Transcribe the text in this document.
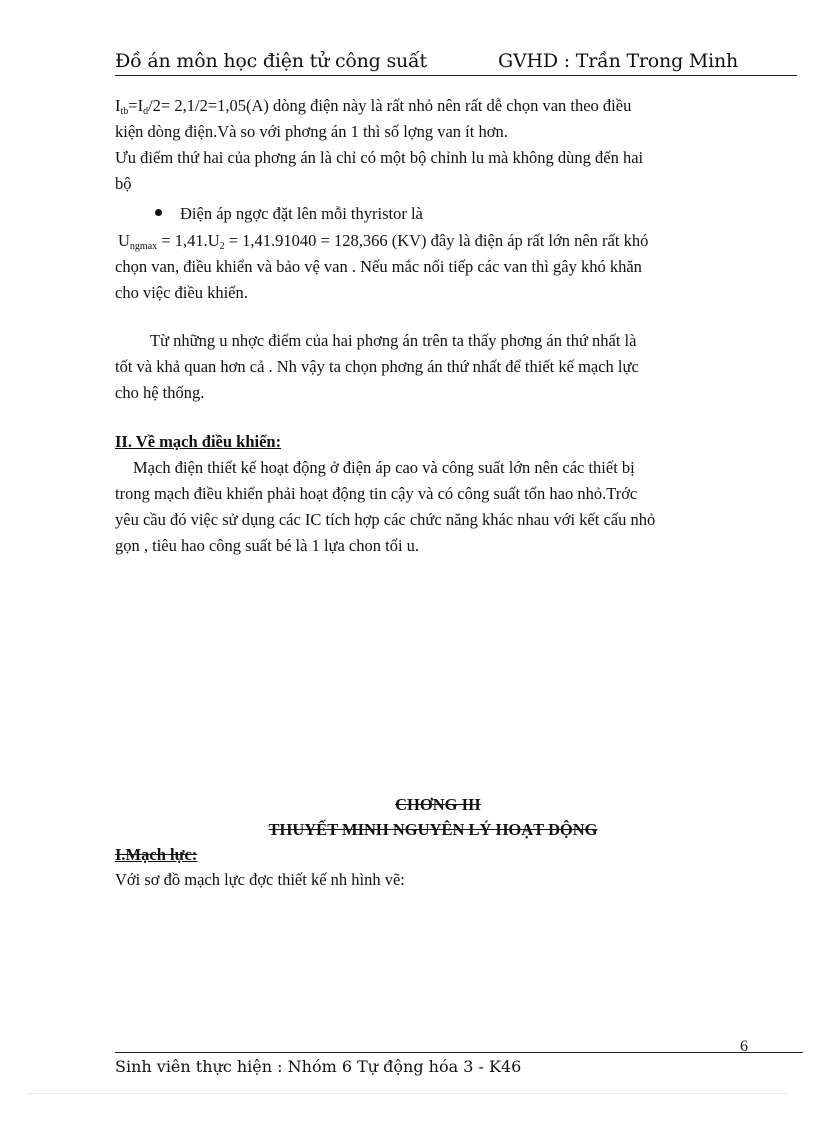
Đồ án môn học điện tử công suất	GVHD : Trần Trong Minh
$I_{tb}=I_d/2= 2,1/2=1,05(A)$ dòng điện này là rất nhỏ nên rất dễ chọn van theo điều
kiện dòng điện.Và so với phơng án 1 thì số lợng van ít hơn.
Ưu điểm thứ hai của phơng án là chỉ có một bộ chỉnh lu mà không dùng đến hai
bộ
Điện áp ngợc đặt lên mỗi thyristor là
$U_{ngmax} = 1,41.U_2 = 1,41.91040 = 128,366$ (KV) đây là điện áp rất lớn nên rất khó
chọn van, điều khiển và bảo vệ van . Nếu mắc nối tiếp các van thì gây khó khăn
cho việc điều khiển.
Từ những u nhợc điểm của hai phơng án trên ta thấy phơng án thứ nhất là
tốt và khả quan hơn cả . Nh vậy ta chọn phơng án thứ nhất để thiết kế mạch lực
cho hệ thống.
II. Về mạch điều khiển:
Mạch điện thiết kế hoạt động ở điện áp cao và công suất lớn nên các thiết bị
trong mạch điều khiển phải hoạt động tin cậy và có công suất tổn hao nhỏ.Trớc
yêu cầu đó việc sử dụng các IC tích hợp các chức năng khác nhau với kết cấu nhỏ
gọn , tiêu hao công suất bé là 1 lựa chon tối u.
CHƠNG III
THUYẾT MINH NGUYÊN LÝ HOẠT ĐỘNG
I.Mạch lực:
Với sơ đồ mạch lực đợc thiết kế nh hình vẽ:
6
Sinh viên thực hiện : Nhóm 6 Tự động hóa 3 - K46
